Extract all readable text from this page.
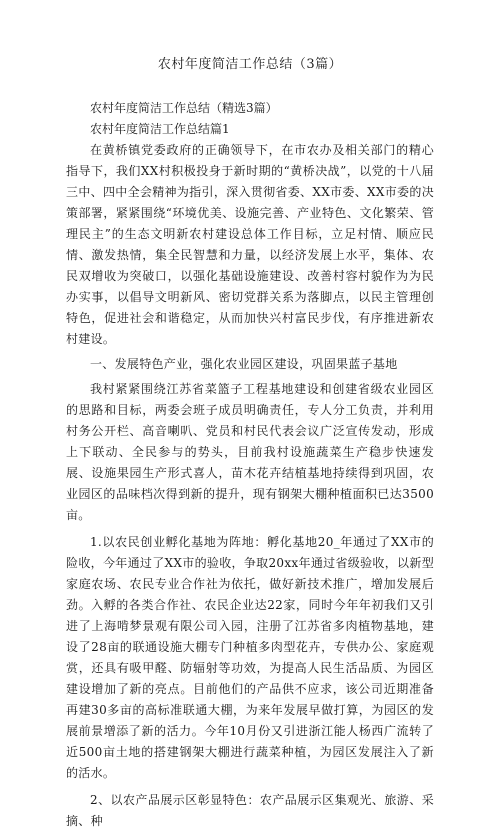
农村年度简洁工作总结（3篇）

农村年度简洁工作总结（精选3篇）

农村年度简洁工作总结篇1

在黄桥镇党委政府的正确领导下，在市农办及相关部门的精心指导下，我们XX村积极投身于新时期的“黄桥决战”，以党的十八届三中、四中全会精神为指引，深入贯彻省委、XX市委、XX市委的决策部署，紧紧围绕“环境优美、设施完善、产业特色、文化繁荣、管理民主”的生态文明新农村建设总体工作目标，立足村情、顺应民情、激发热情，集全民智慧和力量，以经济发展上水平，集体、农民双增收为突破口，以强化基础设施建设、改善村容村貌作为为民办实事，以倡导文明新风、密切党群关系为落脚点，以民主管理创特色，促进社会和谐稳定，从而加快兴村富民步伐，有序推进新农村建设。

一、发展特色产业，强化农业园区建设，巩固果蓝子基地

我村紧紧围绕江苏省菜篮子工程基地建设和创建省级农业园区的思路和目标，两委会班子成员明确责任，专人分工负责，并利用村务公开栏、高音喇叭、党员和村民代表会议广泛宣传发动，形成上下联动、全民参与的势头，目前我村设施蔬菜生产稳步快速发展、设施果园生产形式喜人，苗木花卉结植基地持续得到巩固，农业园区的品味档次得到新的提升，现有钢架大棚种植面积已达3500亩。

1.以农民创业孵化基地为阵地：孵化基地20_年通过了XX市的险收，今年通过了XX市的验收，争取20xx年通过省级验收，以新型家庭农场、农民专业合作社为依托，做好新技术推广，增加发展后劲。入孵的各类合作社、农民企业达22家，同时今年年初我们又引进了上海啃梦景观有限公司入园，注册了江苏省多肉植物基地，建设了28亩的联通设施大棚专门种植多肉型花卉，专供办公、家庭观赏，还具有吸甲醛、防辐射等功效，为提高人民生活品质、为园区建设增加了新的亮点。目前他们的产品供不应求，该公司近期准备再建30多亩的高标准联通大棚，为来年发展早做打算，为园区的发展前景增添了新的活力。今年10月份又引进浙江能人杨西广流转了近500亩土地的搭建钢架大棚进行蔬菜种植，为园区发展注入了新的活水。

2、以农产品展示区彰显特色：农产品展示区集观光、旅游、采摘、种
